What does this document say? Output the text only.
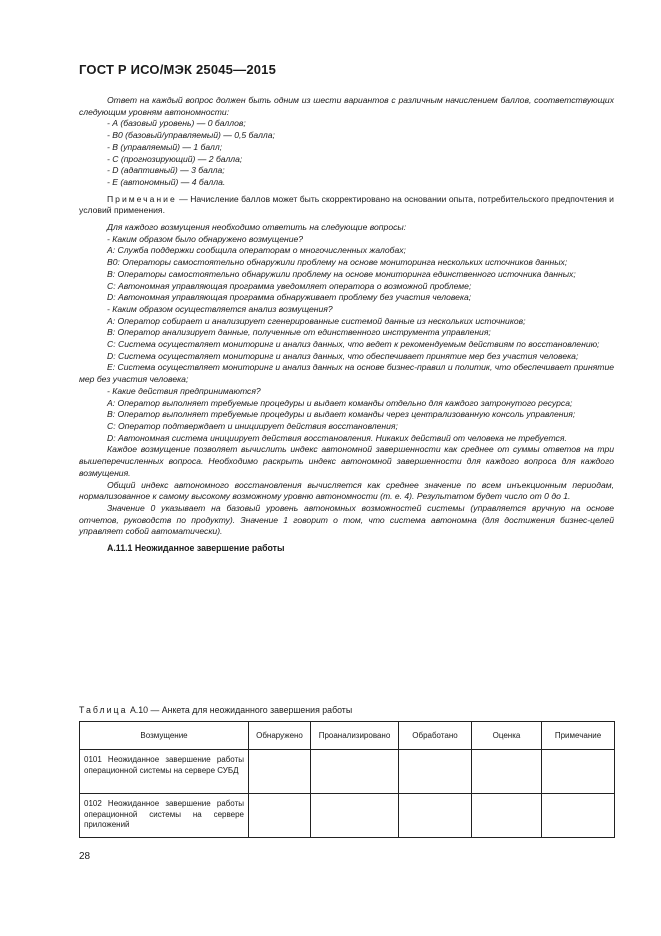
ГОСТ Р ИСО/МЭК 25045—2015

Ответ на каждый вопрос должен быть одним из шести вариантов с различным начислением баллов, соответствующих следующим уровням автономности:

- А (базовый уровень) — 0 баллов;

- В0 (базовый/управляемый) — 0,5 балла;

- В (управляемый) — 1 балл;

- С (прогнозирующий) — 2 балла;

- D (адаптивный) — 3 балла;

- Е (автономный) — 4 балла.

Примечание — Начисление баллов может быть скорректировано на основании опыта, потребительского предпочтения и условий применения.

Для каждого возмущения необходимо ответить на следующие вопросы:

- Каким образом было обнаружено возмущение?

А: Служба поддержки сообщила операторам о многочисленных жалобах;

В0: Операторы самостоятельно обнаружили проблему на основе мониторинга нескольких источников данных;

В: Операторы самостоятельно обнаружили проблему на основе мониторинга единственного источника данных;

С: Автономная управляющая программа уведомляет оператора о возможной проблеме;

D: Автономная управляющая программа обнаруживает проблему без участия человека;

- Каким образом осуществляется анализ возмущения?

А: Оператор собирает и анализирует сгенерированные системой данные из нескольких источников;

В: Оператор анализирует данные, полученные от единственного инструмента управления;

С: Система осуществляет мониторинг и анализ данных, что ведет к рекомендуемым действиям по восстановлению;

D: Система осуществляет мониторинг и анализ данных, что обеспечивает принятие мер без участия человека;

Е: Система осуществляет мониторинг и анализ данных на основе бизнес-правил и политик, что обеспечивает принятие мер без участия человека;

- Какие действия предпринимаются?

А: Оператор выполняет требуемые процедуры и выдает команды отдельно для каждого затронутого ресурса;

В: Оператор выполняет требуемые процедуры и выдает команды через централизованную консоль управления;

С: Оператор подтверждает и инициирует действия восстановления;

D: Автономная система инициирует действия восстановления. Никаких действий от человека не требуется.

Каждое возмущение позволяет вычислить индекс автономной завершенности как среднее от суммы ответов на три вышеперечисленных вопроса. Необходимо раскрыть индекс автономной завершенности для каждого вопроса для каждого возмущения.

Общий индекс автономного восстановления вычисляется как среднее значение по всем инъекционным периодам, нормализованное к самому высокому возможному уровню автономности (т. е. 4). Результатом будет число от 0 до 1.

Значение 0 указывает на базовый уровень автономных возможностей системы (управляется вручную на основе отчетов, руководств по продукту). Значение 1 говорит о том, что система автономна (для достижения бизнес-целей управляет собой автоматически).

А.11.1 Неожиданное завершение работы

Таблица А.10 — Анкета для неожиданного завершения работы
Возмущение	Обнаружено	Проанализировано	Обработано	Оценка	Примечание
0101 Неожиданное завершение работы операционной системы на сервере СУБД					
0102 Неожиданное завершение работы операционной системы на сервере приложений					
28
